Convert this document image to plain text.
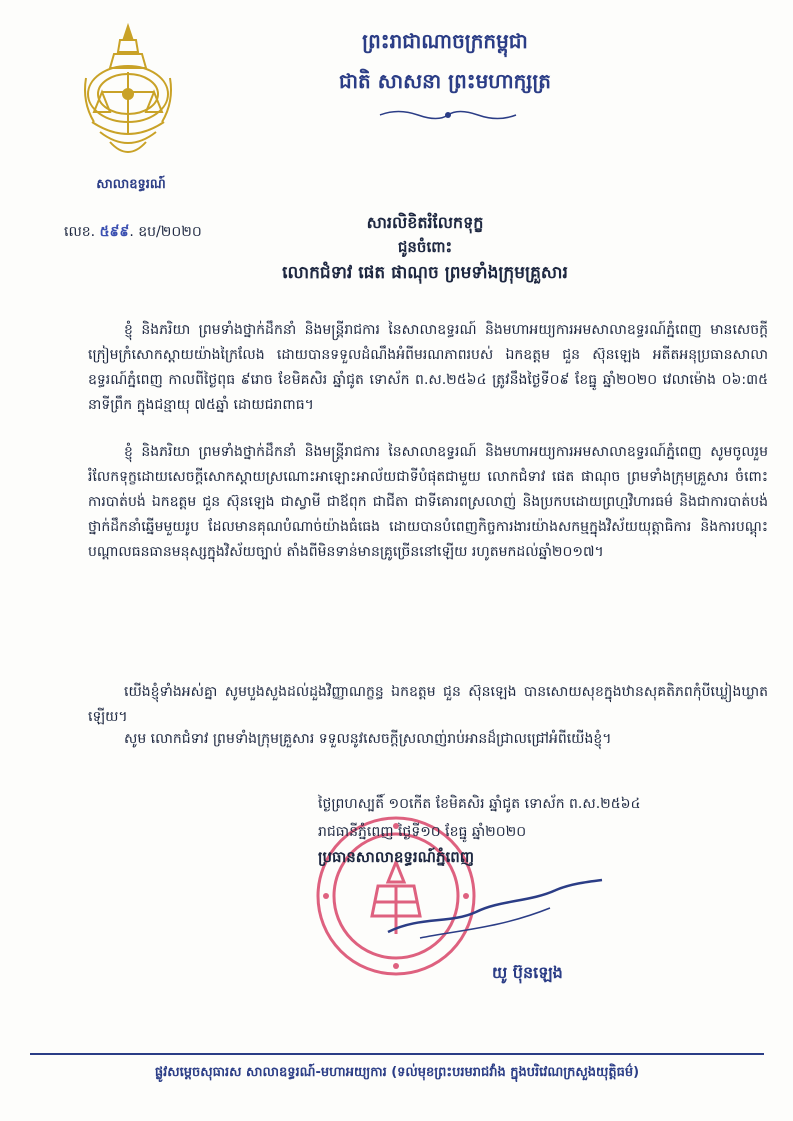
សាលាឧទ្ធរណ៍
លេខ. ៥៩៩. ឧប/២០២០
ព្រះរាជាណាចក្រកម្ពុជា
ជាតិ សាសនា ព្រះមហាក្សត្រ
សារលិខិតរំលែកទុក្ខ
ជូនចំពោះ
លោកជំទាវ ផេត ផាណុច ព្រមទាំងក្រុមគ្រួសារ

ខ្ញុំ និងភរិយា ព្រមទាំងថ្នាក់ដឹកនាំ និងមន្ត្រីរាជការ នៃសាលាឧទ្ធរណ៍ និងមហាអយ្យការអមសាលាឧទ្ធរណ៍ភ្នំពេញ មានសេចក្តីក្រៀមក្រំសោកស្តាយយ៉ាងក្រៃលែង ដោយបានទទួលដំណឹងអំពីមរណភាពរបស់ ឯកឧត្តម ជួន ស៊ុនឡេង អតីតអនុប្រធានសាលាឧទ្ធរណ៍ភ្នំពេញ កាលពីថ្ងៃពុធ ៩រោច ខែមិគសិរ ឆ្នាំជូត ទោស័ក ព.ស.២៥៦៤ ត្រូវនឹងថ្ងៃទី០៩ ខែធ្នូ ឆ្នាំ២០២០ វេលាម៉ោង ០៦:៣៥ នាទីព្រឹក ក្នុងជន្មាយុ ៧៥ឆ្នាំ ដោយជរាពាធ។

ខ្ញុំ និងភរិយា ព្រមទាំងថ្នាក់ដឹកនាំ និងមន្ត្រីរាជការ នៃសាលាឧទ្ធរណ៍ និងមហាអយ្យការអមសាលាឧទ្ធរណ៍ភ្នំពេញ សូមចូលរួមរំលែកទុក្ខដោយសេចក្តីសោកស្តាយស្រណោះអាឡោះអាល័យជាទីបំផុតជាមួយ លោកជំទាវ ផេត ផាណុច ព្រមទាំងក្រុមគ្រួសារ ចំពោះការបាត់បង់ ឯកឧត្តម ជួន ស៊ុនឡេង ជាស្វាមី ជាឪពុក ជាជីតា ជាទីគោរពស្រលាញ់ និងប្រកបដោយព្រហ្មវិហារធម៌ និងជាការបាត់បង់ថ្នាក់ដឹកនាំឆ្នើមមួយរូប ដែលមានគុណបំណាច់យ៉ាងធំធេង ដោយបានបំពេញកិច្ចការងារយ៉ាងសកម្មក្នុងវិស័យយុត្តាធិការ និងការបណ្តុះបណ្តាលធនធានមនុស្សក្នុងវិស័យច្បាប់ តាំងពីមិនទាន់មានគ្រូច្រើននៅឡើយ រហូតមកដល់ឆ្នាំ២០១៧។

យើងខ្ញុំទាំងអស់គ្នា សូមបួងសួងដល់ដួងវិញ្ញាណក្ខន្ធ ឯកឧត្តម ជួន ស៊ុនឡេង បានសោយសុខក្នុងឋានសុគតិភពកុំបីឃ្លៀងឃ្លាតឡើយ។

សូម លោកជំទាវ ព្រមទាំងក្រុមគ្រួសារ ទទួលនូវសេចក្តីស្រលាញ់រាប់អានដ៏ជ្រាលជ្រៅអំពីយើងខ្ញុំ។

ថ្ងៃព្រហស្បតិ៍ ១០កើត ខែមិគសិរ ឆ្នាំជូត ទោស័ក ព.ស.២៥៦៤
រាជធានីភ្នំពេញ ថ្ងៃទី១០ ខែធ្នូ ឆ្នាំ២០២០
ប្រធានសាលាឧទ្ធរណ៍ភ្នំពេញ
យូ ប៊ុនឡេង
ផ្លូវសម្តេចសុធារស សាលាឧទ្ធរណ៍-មហាអយ្យការ (ទល់មុខព្រះបរមរាជវាំង ក្នុងបរិវេណក្រសួងយុត្តិធម៌)
